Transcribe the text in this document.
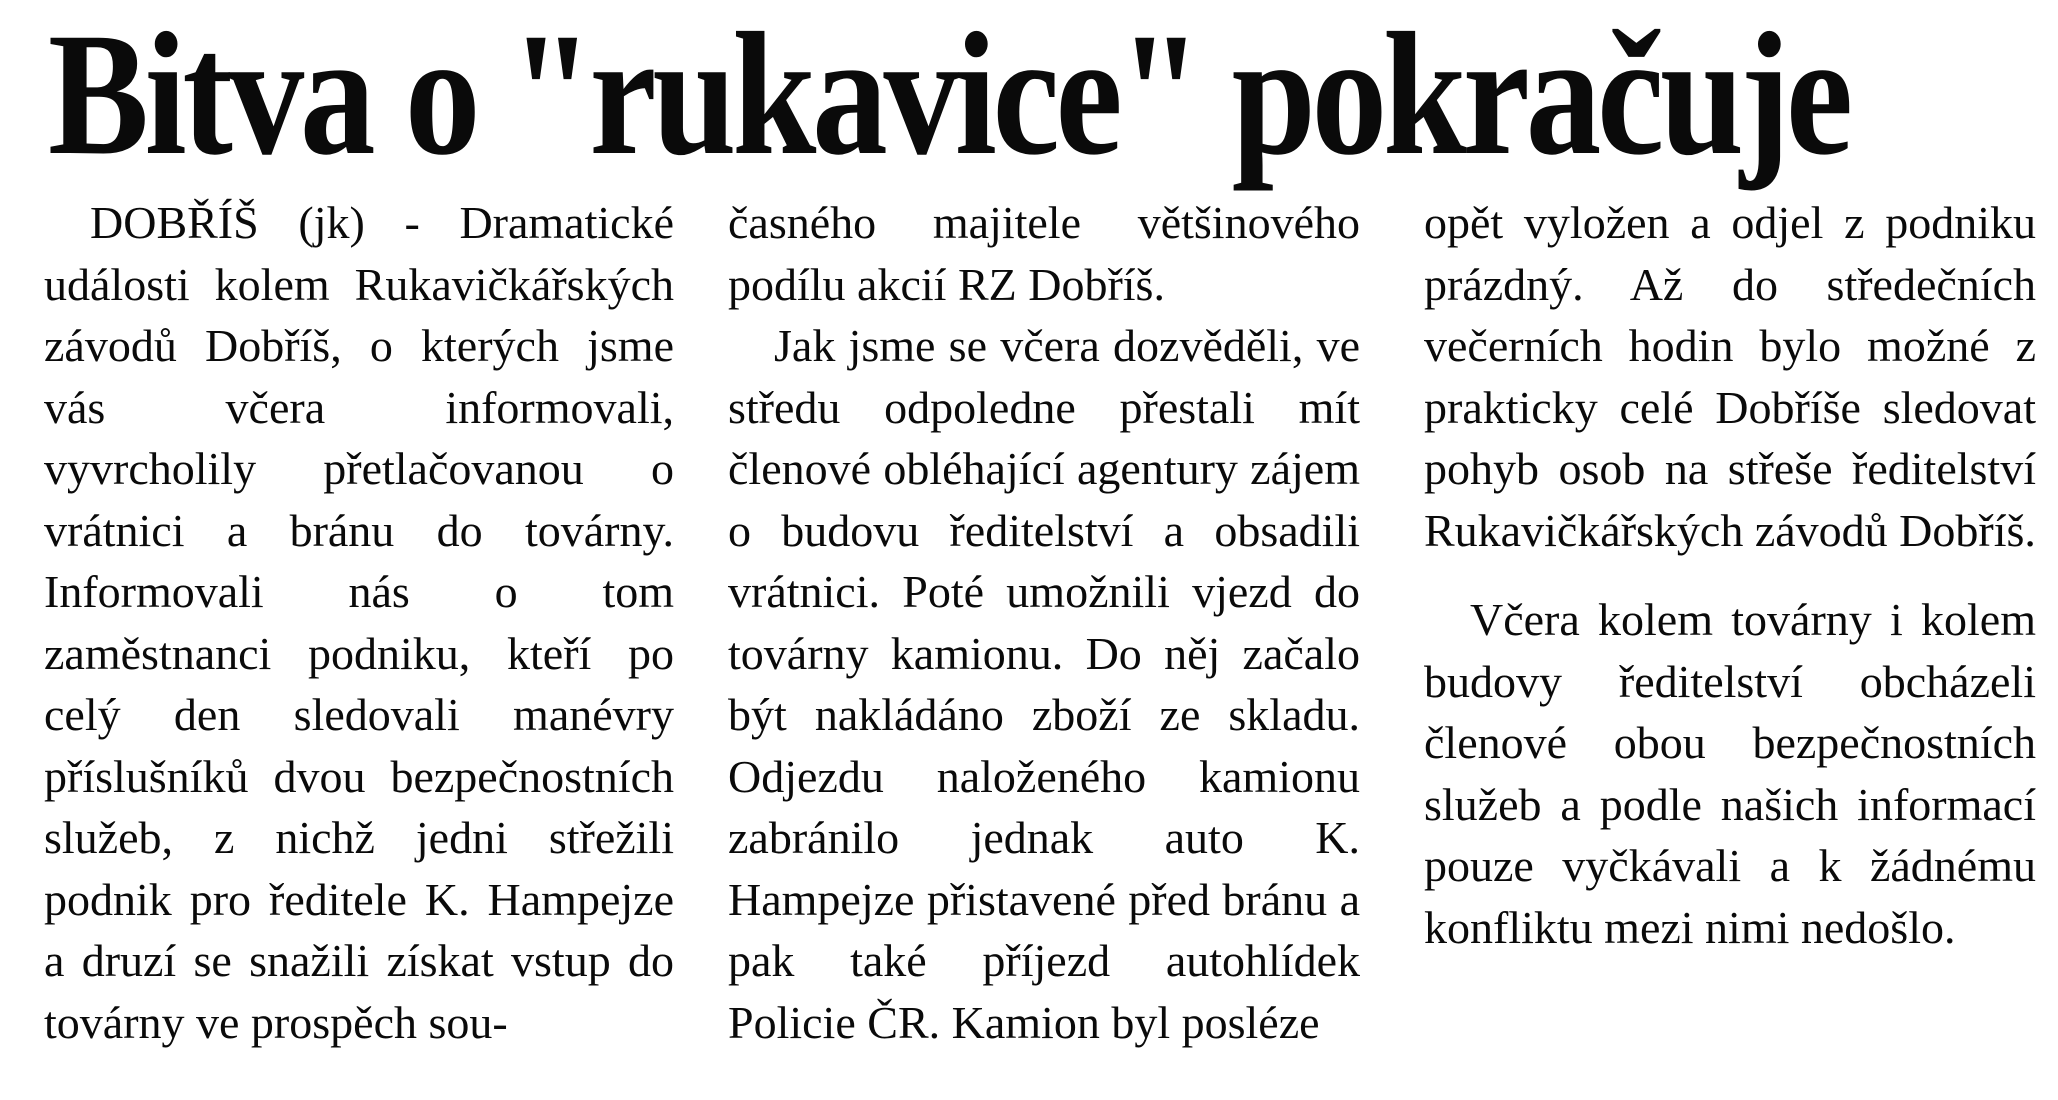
Bitva o "rukavice" pokračuje

DOBŘÍŠ (jk) - Dramatické události kolem Rukavičkářských závodů Dobříš, o kterých jsme vás včera informovali, vyvrcholily přetlačovanou o vrátnici a bránu do továrny. Informovali nás o tom zaměstnanci podniku, kteří po celý den sledovali manévry příslušníků dvou bezpečnostních služeb, z nichž jedni střežili podnik pro ředitele K. Hampejze a druzí se snažili získat vstup do továrny ve prospěch sou-

časného majitele většinového podílu akcií RZ Dobříš.

Jak jsme se včera dozvěděli, ve středu odpoledne přestali mít členové obléhající agentury zájem o budovu ředitelství a obsadili vrátnici. Poté umožnili vjezd do továrny kamionu. Do něj začalo být nakládáno zboží ze skladu. Odjezdu naloženého kamionu zabránilo jednak auto K. Hampejze přistavené před bránu a pak také příjezd autohlídek Policie ČR. Kamion byl posléze

opět vyložen a odjel z podniku prázdný. Až do středečních večerních hodin bylo možné z prakticky celé Dobříše sledovat pohyb osob na střeše ředitelství Rukavičkářských závodů Dobříš.

Včera kolem továrny i kolem budovy ředitelství obcházeli členové obou bezpečnostních služeb a podle našich informací pouze vyčkávali a k žádnému konfliktu mezi nimi nedošlo.
